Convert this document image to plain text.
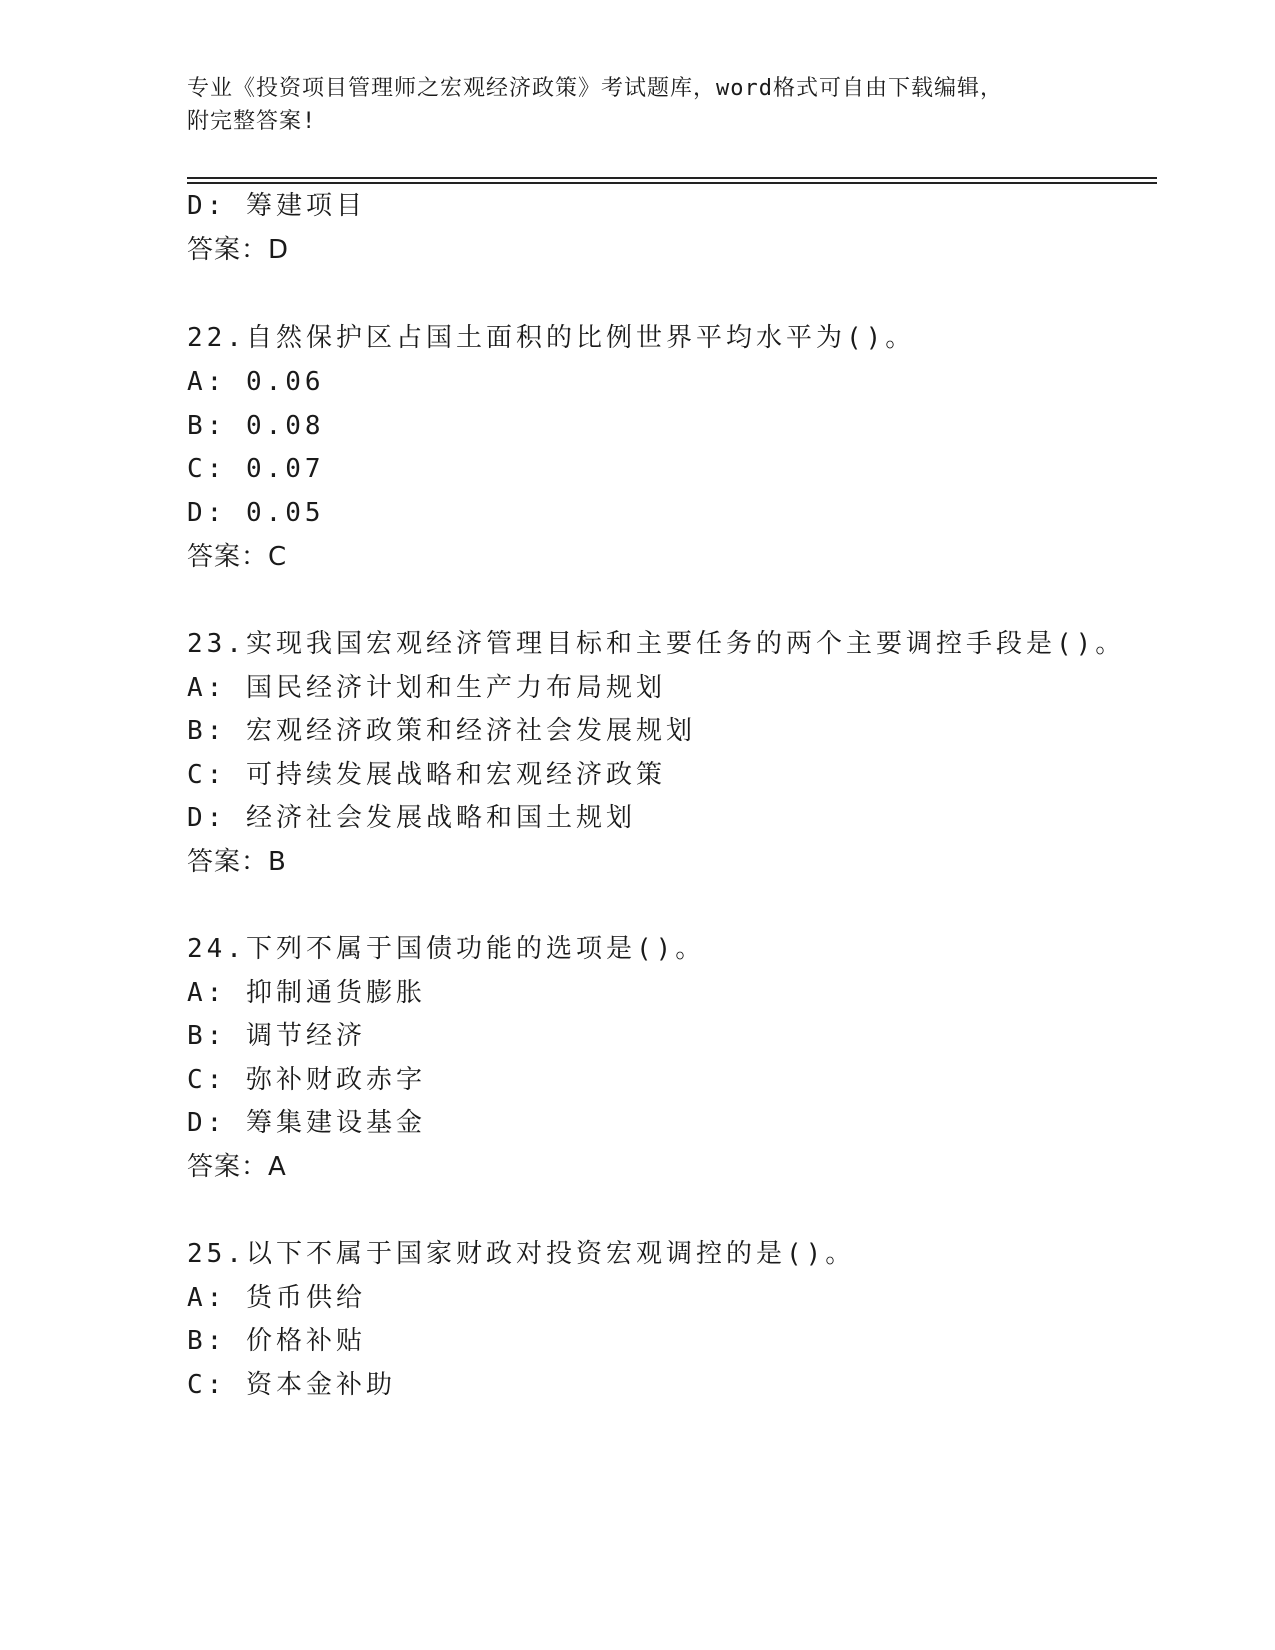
专业《投资项目管理师之宏观经济政策》考试题库，word格式可自由下载编辑，
附完整答案!
D: 筹建项目
答案：D
22.自然保护区占国土面积的比例世界平均水平为()。
A: 0.06
B: 0.08
C: 0.07
D: 0.05
答案：C
23.实现我国宏观经济管理目标和主要任务的两个主要调控手段是()。
A: 国民经济计划和生产力布局规划
B: 宏观经济政策和经济社会发展规划
C: 可持续发展战略和宏观经济政策
D: 经济社会发展战略和国土规划
答案：B
24.下列不属于国债功能的选项是()。
A: 抑制通货膨胀
B: 调节经济
C: 弥补财政赤字
D: 筹集建设基金
答案：A
25.以下不属于国家财政对投资宏观调控的是()。
A: 货币供给
B: 价格补贴
C: 资本金补助
